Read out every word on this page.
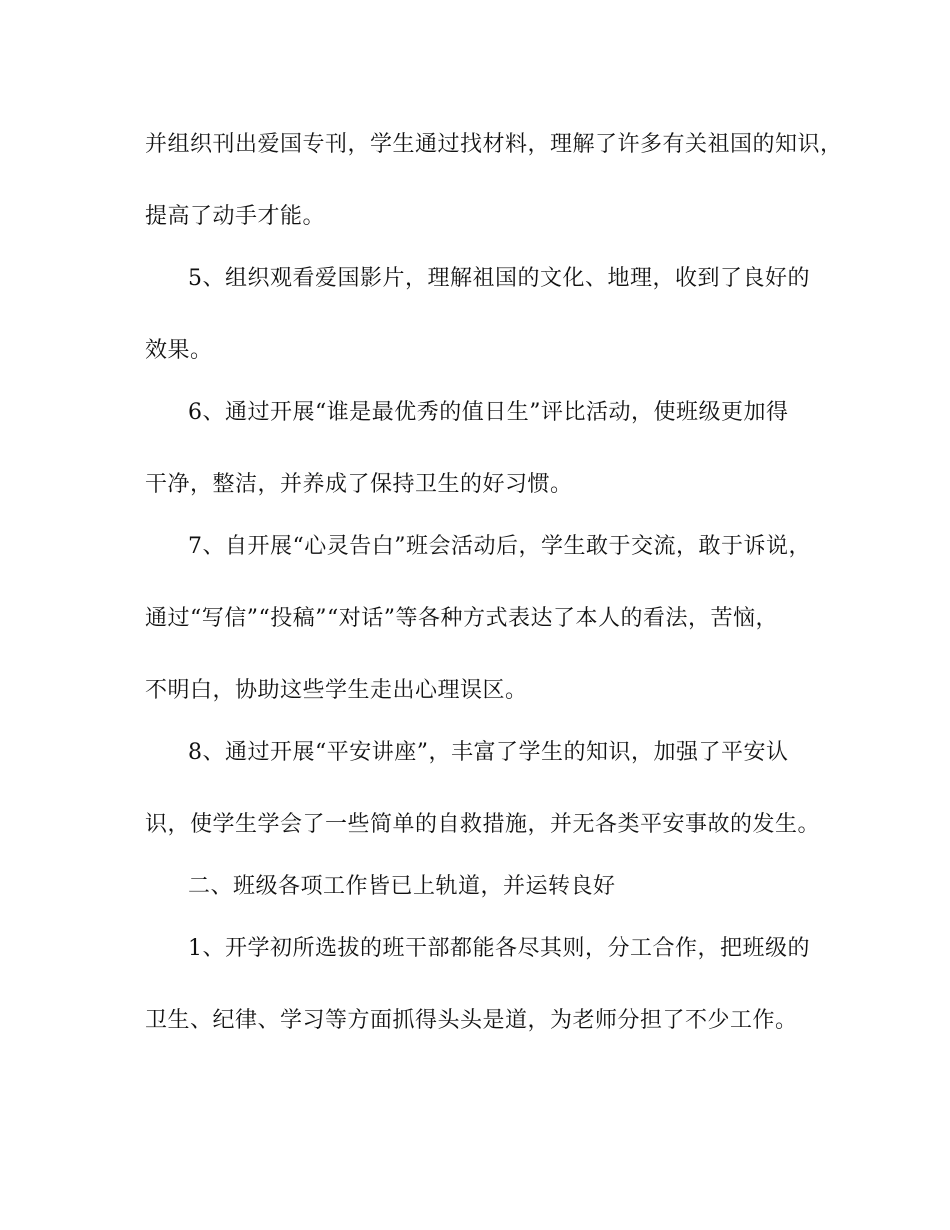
并组织刊出爱国专刊，学生通过找材料，理解了许多有关祖国的知识，
提高了动手才能。
5、组织观看爱国影片，理解祖国的文化、地理，收到了良好的
效果。
6、通过开展“谁是最优秀的值日生”评比活动，使班级更加得
干净，整洁，并养成了保持卫生的好习惯。
7、自开展“心灵告白”班会活动后，学生敢于交流，敢于诉说，
通过“写信”“投稿”“对话”等各种方式表达了本人的看法，苦恼，
不明白，协助这些学生走出心理误区。
8、通过开展“平安讲座”，丰富了学生的知识，加强了平安认
识，使学生学会了一些简单的自救措施，并无各类平安事故的发生。
二、班级各项工作皆已上轨道，并运转良好
1、开学初所选拔的班干部都能各尽其则，分工合作，把班级的
卫生、纪律、学习等方面抓得头头是道，为老师分担了不少工作。
